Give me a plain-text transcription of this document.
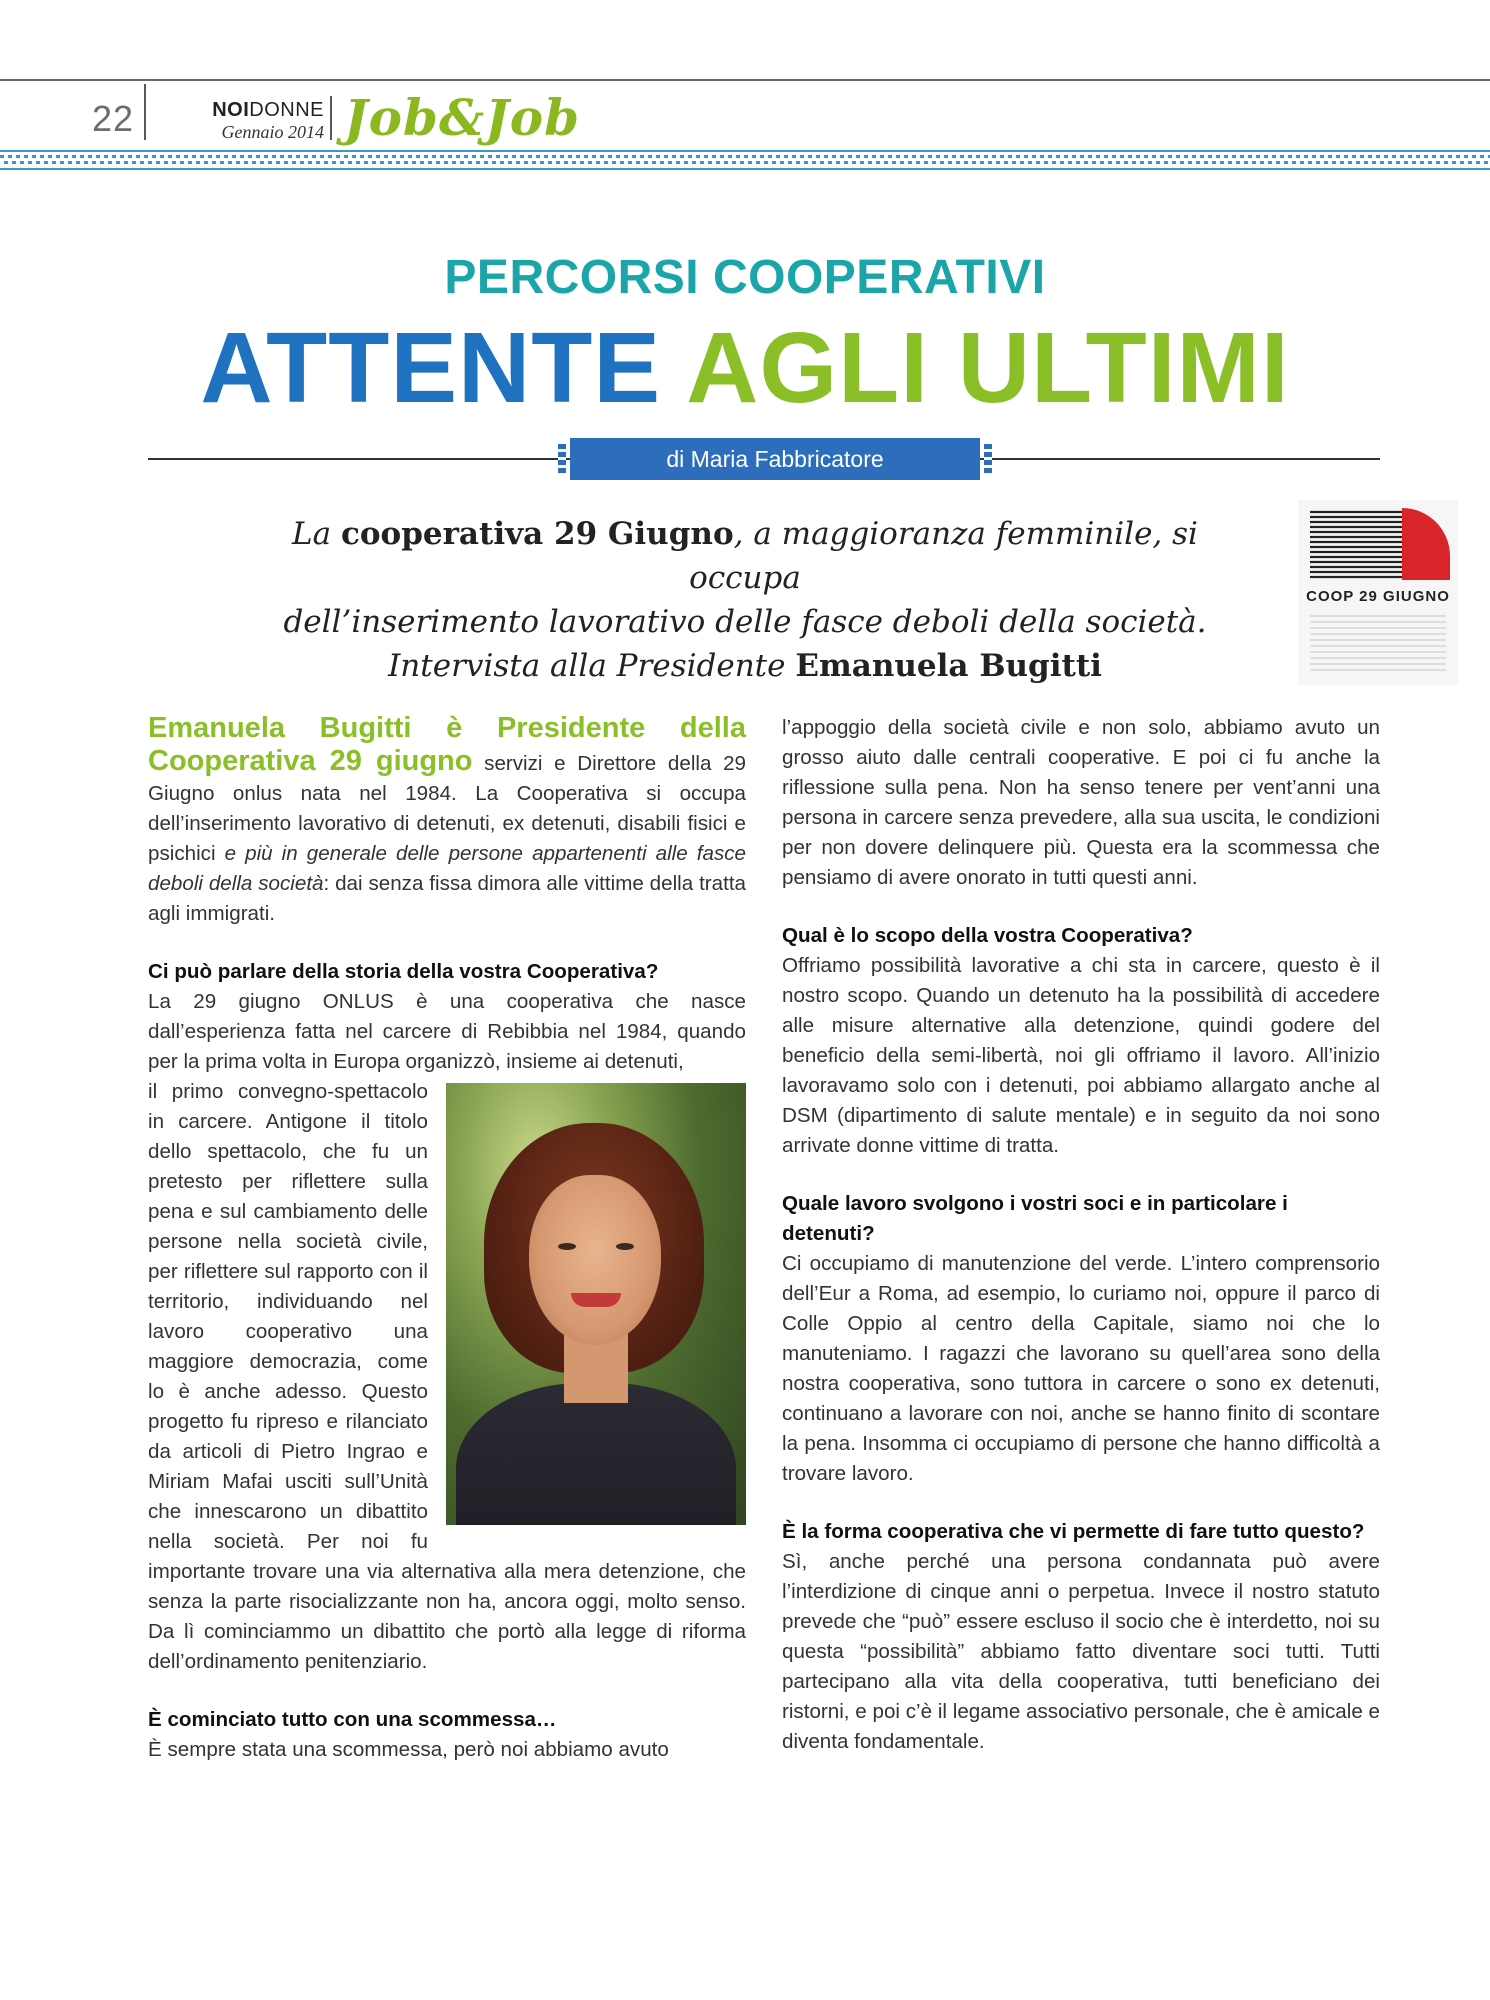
22	NOIDONNE
Gennaio 2014 Job&Job
PERCORSI COOPERATIVI
ATTENTE AGLI ULTIMI
di Maria Fabbricatore

La cooperativa 29 Giugno, a maggioranza femminile, si occupa

dell’inserimento lavorativo delle fasce deboli della società.

Intervista alla Presidente Emanuela Bugitti

COOP 29 GIUGNO

Emanuela Bugitti è Presidente della Cooperativa 29 giugno servizi e Direttore della 29 Giugno onlus nata nel 1984. La Cooperativa si occupa dell’inserimento lavorativo di detenuti, ex detenuti, disabili fisici e psichici e più in generale delle persone appartenenti alle fasce deboli della società: dai senza fissa dimora alle vittime della tratta agli immigrati.

Ci può parlare della storia della vostra Cooperativa?

La 29 giugno ONLUS è una cooperativa che nasce dall’esperienza fatta nel carcere di Rebibbia nel 1984, quando per la prima volta in Europa organizzò, insieme ai detenuti,

il primo convegno-spettacolo in carcere. Antigone il titolo dello spettacolo, che fu un pretesto per riflettere sulla pena e sul cambiamento delle persone nella società civile, per riflettere sul rapporto con il territorio, individuando nel lavoro cooperativo una maggiore democrazia, come lo è anche adesso. Questo progetto fu ripreso e rilanciato da articoli di Pietro Ingrao e Miriam Mafai usciti sull’Unità che innescarono un dibattito nella società. Per noi fu importante trovare una via alternativa alla mera detenzione, che senza la parte risocializzante non ha, ancora oggi, molto senso. Da lì cominciammo un dibattito che portò alla legge di riforma dell’ordinamento penitenziario.

È cominciato tutto con una scommessa…

È sempre stata una scommessa, però noi abbiamo avuto

l’appoggio della società civile e non solo, abbiamo avuto un grosso aiuto dalle centrali cooperative. E poi ci fu anche la riflessione sulla pena. Non ha senso tenere per vent’anni una persona in carcere senza prevedere, alla sua uscita, le condizioni per non dovere delinquere più. Questa era la scommessa che pensiamo di avere onorato in tutti questi anni.

Qual è lo scopo della vostra Cooperativa?

Offriamo possibilità lavorative a chi sta in carcere, questo è il nostro scopo. Quando un detenuto ha la possibilità di accedere alle misure alternative alla detenzione, quindi godere del beneficio della semi-libertà, noi gli offriamo il lavoro. All’inizio lavoravamo solo con i detenuti, poi abbiamo allargato anche al DSM (dipartimento di salute mentale) e in seguito da noi sono arrivate donne vittime di tratta.

Quale lavoro svolgono i vostri soci e in particolare i detenuti?

Ci occupiamo di manutenzione del verde. L’intero comprensorio dell’Eur a Roma, ad esempio, lo curiamo noi, oppure il parco di Colle Oppio al centro della Capitale, siamo noi che lo manuteniamo. I ragazzi che lavorano su quell’area sono della nostra cooperativa, sono tuttora in carcere o sono ex detenuti, continuano a lavorare con noi, anche se hanno finito di scontare la pena. Insomma ci occupiamo di persone che hanno difficoltà a trovare lavoro.

È la forma cooperativa che vi permette di fare tutto questo?

Sì, anche perché una persona condannata può avere l’interdizione di cinque anni o perpetua. Invece il nostro statuto prevede che “può” essere escluso il socio che è interdetto, noi su questa “possibilità” abbiamo fatto diventare soci tutti. Tutti partecipano alla vita della cooperativa, tutti beneficiano dei ristorni, e poi c’è il legame associativo personale, che è amicale e diventa fondamentale.
